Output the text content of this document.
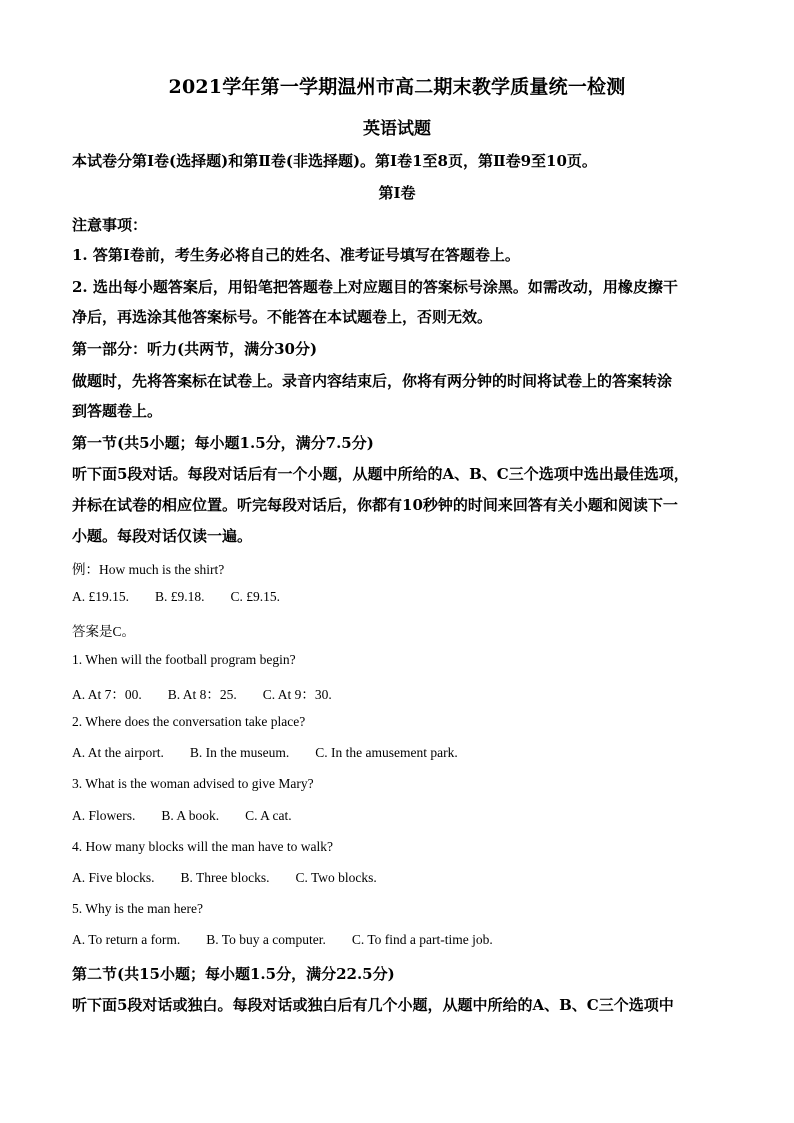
2021学年第一学期温州市高二期末教学质量统一检测
英语试题
本试卷分第Ⅰ卷(选择题)和第Ⅱ卷(非选择题)。第Ⅰ卷1至8页，第Ⅱ卷9至10页。
第Ⅰ卷
注意事项：
1. 答第Ⅰ卷前，考生务必将自己的姓名、准考证号填写在答题卷上。
2. 选出每小题答案后，用铅笔把答题卷上对应题目的答案标号涂黑。如需改动，用橡皮擦干
净后，再选涂其他答案标号。不能答在本试题卷上，否则无效。
第一部分：听力(共两节，满分30分)
做题时，先将答案标在试卷上。录音内容结束后，你将有两分钟的时间将试卷上的答案转涂
到答题卷上。
第一节(共5小题；每小题1.5分，满分7.5分)
听下面5段对话。每段对话后有一个小题，从题中所给的A、B、C三个选项中选出最佳选项，
并标在试卷的相应位置。听完每段对话后，你都有10秒钟的时间来回答有关小题和阅读下一
小题。每段对话仅读一遍。
例：How much is the shirt?
A. £19.15. B. £9.18. C. £9.15.
答案是C。
1. When will the football program begin?
A. At 7：00. B. At 8：25. C. At 9：30.
2. Where does the conversation take place?
A. At the airport. B. In the museum. C. In the amusement park.
3. What is the woman advised to give Mary?
A. Flowers. B. A book. C. A cat.
4. How many blocks will the man have to walk?
A. Five blocks. B. Three blocks. C. Two blocks.
5. Why is the man here?
A. To return a form. B. To buy a computer. C. To find a part-time job.
第二节(共15小题；每小题1.5分，满分22.5分)
听下面5段对话或独白。每段对话或独白后有几个小题，从题中所给的A、B、C三个选项中
